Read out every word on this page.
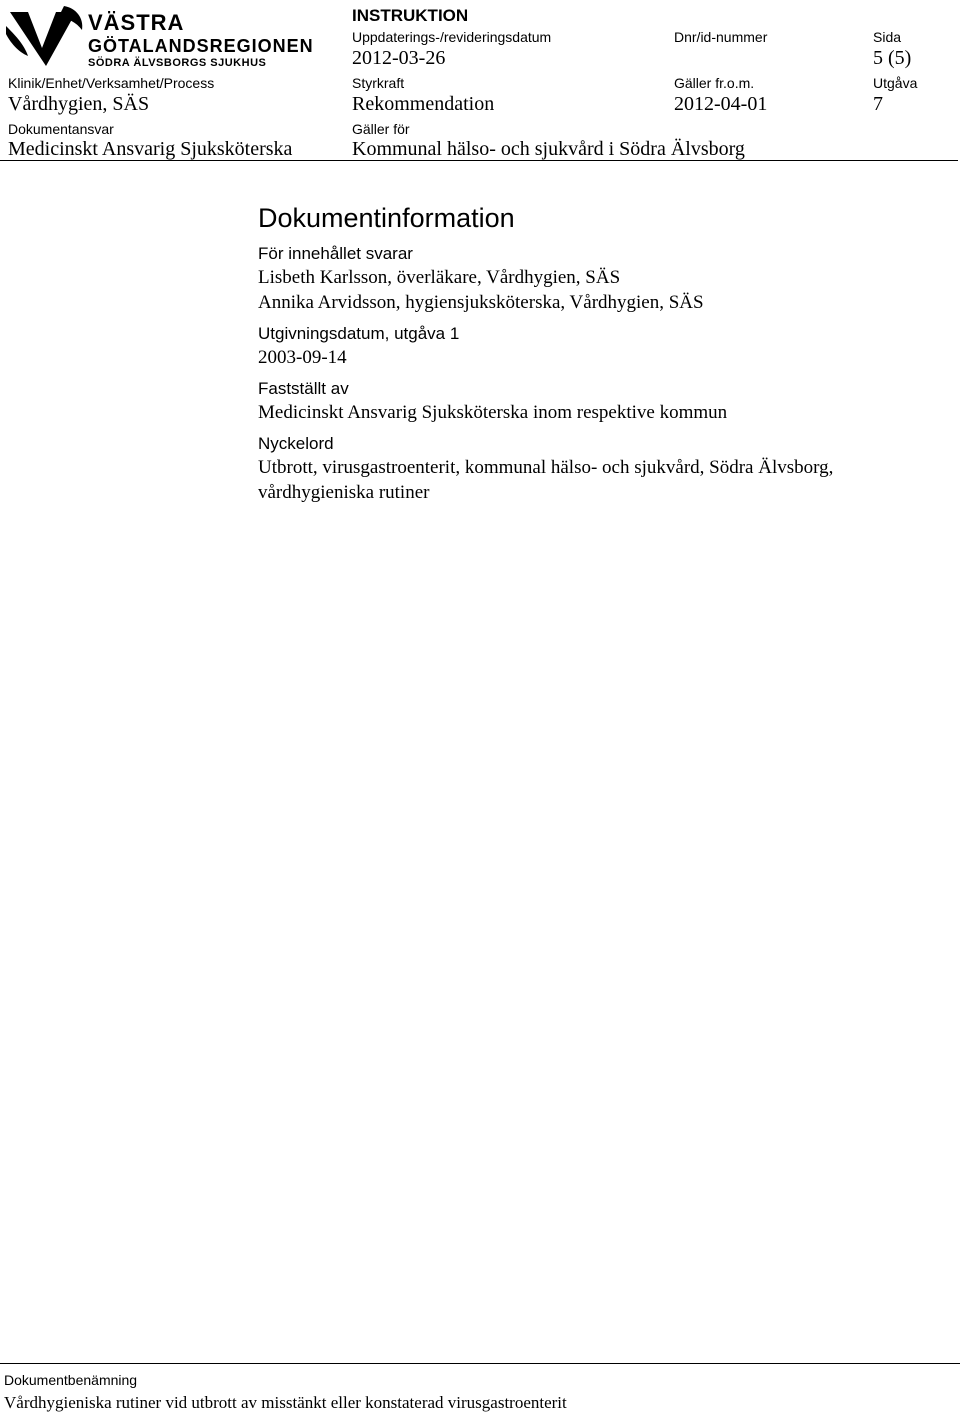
VÄSTRA
GÖTALANDSREGIONEN
SÖDRA ÄLVSBORGS SJUKHUS
Klinik/Enhet/Verksamhet/Process
Vårdhygien, SÄS
Dokumentansvar
Medicinskt Ansvarig Sjuksköterska
INSTRUKTION
Uppdaterings-/revideringsdatum
2012-03-26
Styrkraft
Rekommendation
Gäller för
Kommunal hälso- och sjukvård i Södra Älvsborg
Dnr/id-nummer
Gäller fr.o.m.
2012-04-01
Sida
5 (5)
Utgåva
7
Dokumentinformation
För innehållet svarar
Lisbeth Karlsson, överläkare, Vårdhygien, SÄS
Annika Arvidsson, hygiensjuksköterska, Vårdhygien, SÄS
Utgivningsdatum, utgåva 1
2003-09-14
Fastställt av
Medicinskt Ansvarig Sjuksköterska inom respektive kommun
Nyckelord
Utbrott, virusgastroenterit, kommunal hälso- och sjukvård, Södra Älvsborg,
vårdhygieniska rutiner
Dokumentbenämning
Vårdhygieniska rutiner vid utbrott av misstänkt eller konstaterad virusgastroenterit
